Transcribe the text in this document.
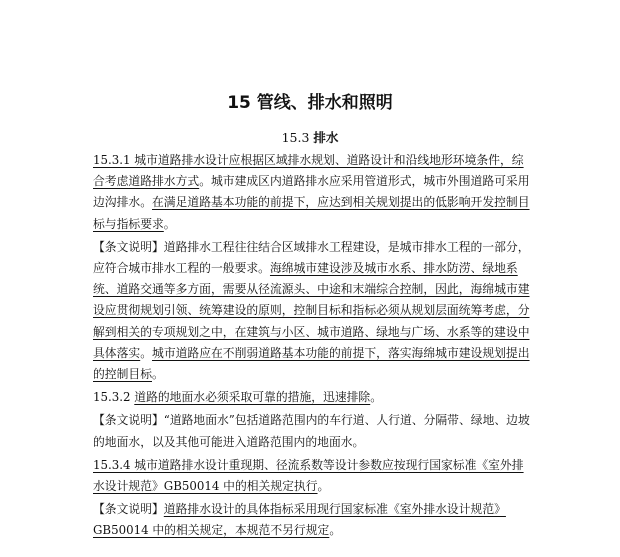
15 管线、排水和照明
15.3 排水

15.3.1 城市道路排水设计应根据区域排水规划、道路设计和沿线地形环境条件，综合考虑道路排水方式。城市建成区内道路排水应采用管道形式，城市外围道路可采用边沟排水。在满足道路基本功能的前提下，应达到相关规划提出的低影响开发控制目标与指标要求。

【条文说明】道路排水工程往往结合区域排水工程建设，是城市排水工程的一部分，应符合城市排水工程的一般要求。海绵城市建设涉及城市水系、排水防涝、绿地系统、道路交通等多方面，需要从径流源头、中途和末端综合控制，因此，海绵城市建设应贯彻规划引领、统筹建设的原则，控制目标和指标必须从规划层面统筹考虑，分解到相关的专项规划之中，在建筑与小区、城市道路、绿地与广场、水系等的建设中具体落实。城市道路应在不削弱道路基本功能的前提下，落实海绵城市建设规划提出的控制目标。

15.3.2 道路的地面水必须采取可靠的措施，迅速排除。

【条文说明】“道路地面水”包括道路范围内的车行道、人行道、分隔带、绿地、边坡的地面水，以及其他可能进入道路范围内的地面水。

15.3.4 城市道路排水设计重现期、径流系数等设计参数应按现行国家标准《室外排水设计规范》GB50014 中的相关规定执行。

【条文说明】道路排水设计的具体指标采用现行国家标准《室外排水设计规范》GB50014 中的相关规定，本规范不另行规定。
